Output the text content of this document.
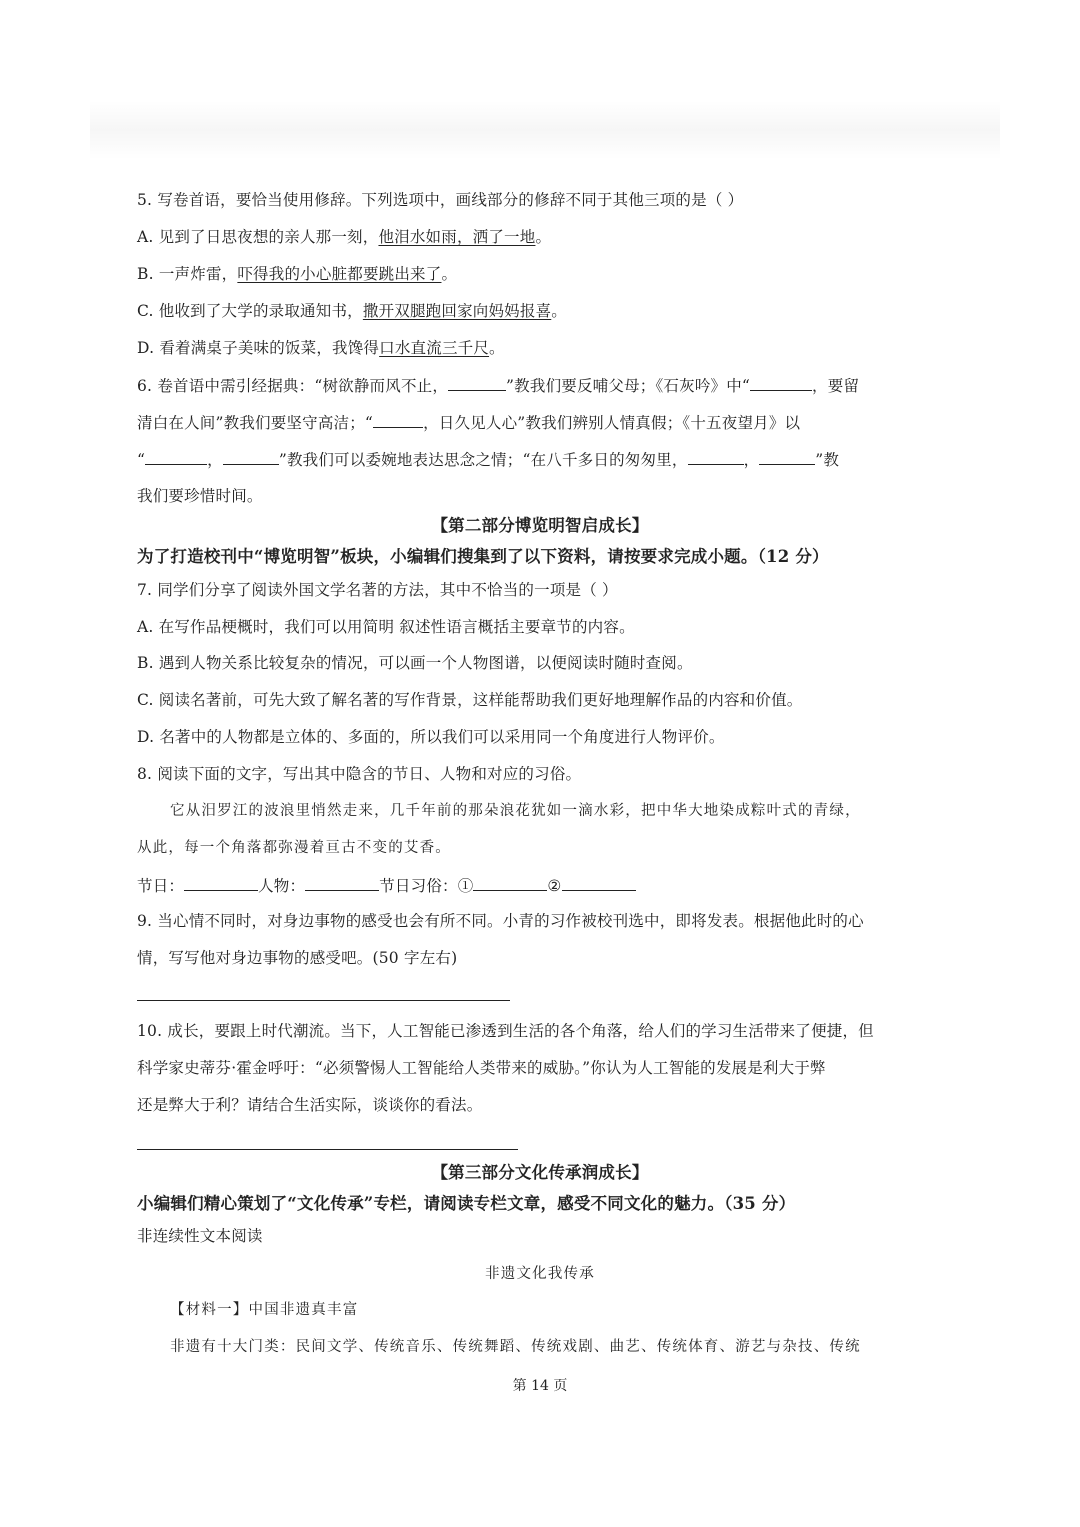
5. 写卷首语，要恰当使用修辞。下列选项中，画线部分的修辞不同于其他三项的是（ ）
A. 见到了日思夜想的亲人那一刻，他泪水如雨，洒了一地。
B. 一声炸雷，吓得我的小心脏都要跳出来了。
C. 他收到了大学的录取通知书，撒开双腿跑回家向妈妈报喜。
D. 看着满桌子美味的饭菜，我馋得口水直流三千尺。
6. 卷首语中需引经据典：“树欲静而风不止，	”教我们要反哺父母；《石灰吟》中“	，要留
清白在人间”教我们要坚守高洁；“	，日久见人心”教我们辨别人情真假；《十五夜望月》以
“	，	”教我们可以委婉地表达思念之情；“在八千多日的匆匆里，	，	”教
我们要珍惜时间。
【第二部分博览明智启成长】
为了打造校刊中“博览明智”板块，小编辑们搜集到了以下资料，请按要求完成小题。（12 分）
7. 同学们分享了阅读外国文学名著的方法，其中不恰当的一项是（ ）
A. 在写作品梗概时，我们可以用简明 叙述性语言概括主要章节的内容。
B. 遇到人物关系比较复杂的情况，可以画一个人物图谱，以便阅读时随时查阅。
C. 阅读名著前，可先大致了解名著的写作背景，这样能帮助我们更好地理解作品的内容和价值。
D. 名著中的人物都是立体的、多面的，所以我们可以采用同一个角度进行人物评价。
8. 阅读下面的文字，写出其中隐含的节日、人物和对应的习俗。
它从汨罗江的波浪里悄然走来，几千年前的那朵浪花犹如一滴水彩，把中华大地染成粽叶式的青绿，
从此，每一个角落都弥漫着亘古不变的艾香。
节日：	人物：	节日习俗：①	②
9. 当心情不同时，对身边事物的感受也会有所不同。小青的习作被校刊选中，即将发表。根据他此时的心
情，写写他对身边事物的感受吧。(50 字左右)
10. 成长，要跟上时代潮流。当下，人工智能已渗透到生活的各个角落，给人们的学习生活带来了便捷，但
科学家史蒂芬·霍金呼吁：“必须警惕人工智能给人类带来的威胁。”你认为人工智能的发展是利大于弊
还是弊大于利？请结合生活实际，谈谈你的看法。
【第三部分文化传承润成长】
小编辑们精心策划了“文化传承”专栏，请阅读专栏文章，感受不同文化的魅力。（35 分）
非连续性文本阅读
非遗文化我传承
【材料一】中国非遗真丰富
非遗有十大门类：民间文学、传统音乐、传统舞蹈、传统戏剧、曲艺、传统体育、游艺与杂技、传统
第 14 页
